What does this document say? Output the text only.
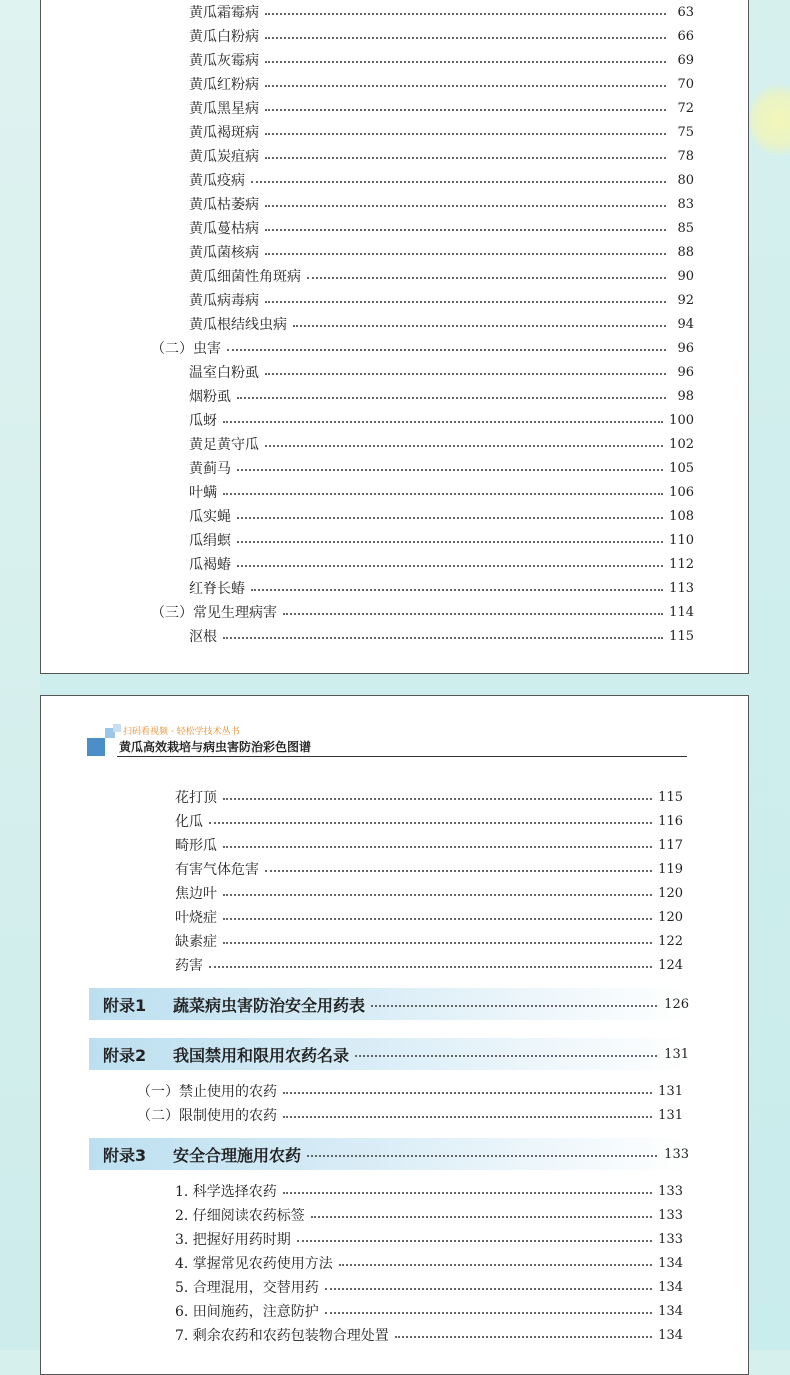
黄瓜霜霉病	63
黄瓜白粉病	66
黄瓜灰霉病	69
黄瓜红粉病	70
黄瓜黑星病	72
黄瓜褐斑病	75
黄瓜炭疽病	78
黄瓜疫病	80
黄瓜枯萎病	83
黄瓜蔓枯病	85
黄瓜菌核病	88
黄瓜细菌性角斑病	90
黄瓜病毒病	92
黄瓜根结线虫病	94
（二）虫害	96
温室白粉虱	96
烟粉虱	98
瓜蚜	100
黄足黄守瓜	102
黄蓟马	105
叶螨	106
瓜实蝇	108
瓜绢螟	110
瓜褐蝽	112
红脊长蝽	113
（三）常见生理病害	114
沤根	115
扫码看视频 · 轻松学技术丛书
黄瓜高效栽培与病虫害防治彩色图谱
花打顶	115
化瓜	116
畸形瓜	117
有害气体危害	119
焦边叶	120
叶烧症	120
缺素症	122
药害	124
附录1	蔬菜病虫害防治安全用药表	126
附录2	我国禁用和限用农药名录	131
（一）禁止使用的农药	131
（二）限制使用的农药	131
附录3	安全合理施用农药	133
1. 科学选择农药	133
2. 仔细阅读农药标签	133
3. 把握好用药时期	133
4. 掌握常见农药使用方法	134
5. 合理混用，交替用药	134
6. 田间施药，注意防护	134
7. 剩余农药和农药包装物合理处置	134
